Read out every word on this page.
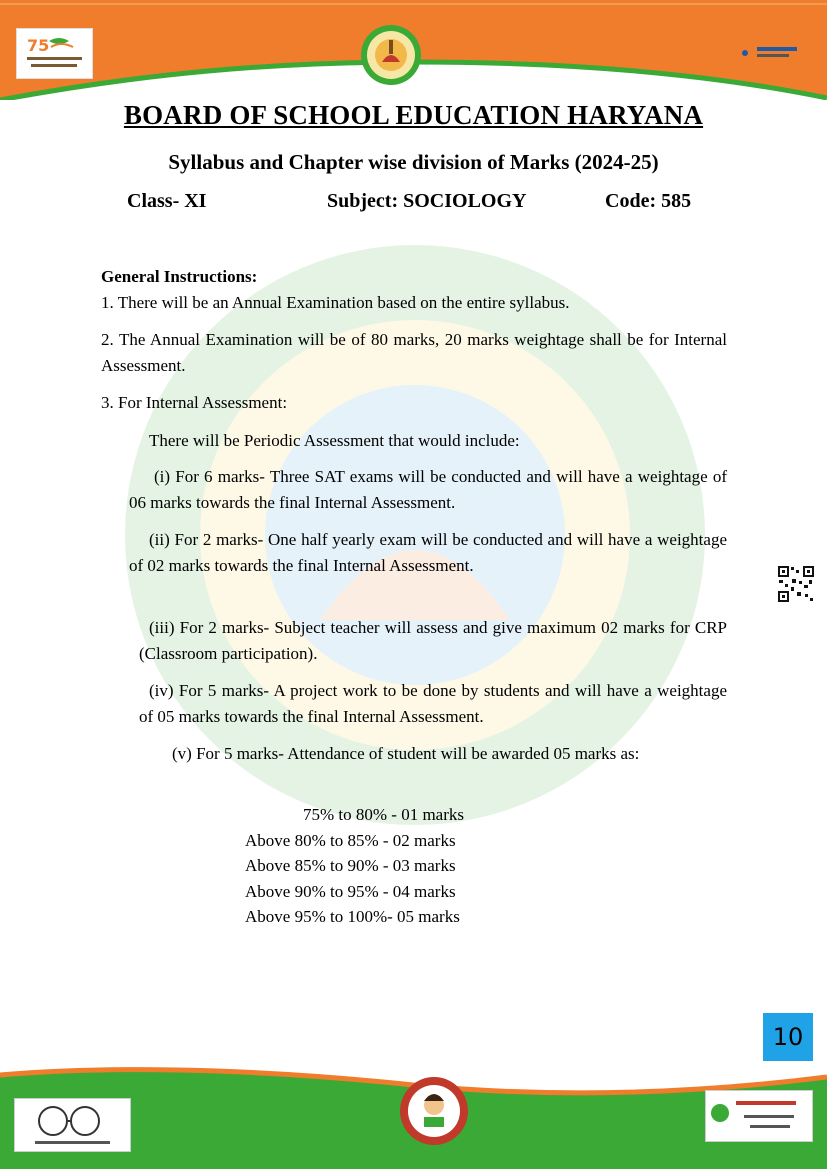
75
BOARD OF SCHOOL EDUCATION HARYANA
Syllabus and Chapter wise division of Marks (2024-25)
Class- XI	Subject: SOCIOLOGY	Code: 585
General Instructions:
1. There will be an Annual Examination based on the entire syllabus.
2. The Annual Examination will be of 80 marks, 20 marks weightage shall be for Internal Assessment.
3. For Internal Assessment:
There will be Periodic Assessment that would include:
(i) For 6 marks- Three SAT exams will be conducted and will have a weightage of 06 marks towards the final Internal Assessment.
(ii) For 2 marks- One half yearly exam will be conducted and will have a weightage of 02 marks towards the final Internal Assessment.
(iii) For 2 marks- Subject teacher will assess and give maximum 02 marks for CRP (Classroom participation).
(iv) For 5 marks- A project work to be done by students and will have a weightage of 05 marks towards the final Internal Assessment.
(v) For 5 marks- Attendance of student will be awarded 05 marks as:
75% to 80% - 01 marks
Above 80% to 85% - 02 marks
Above 85% to 90% - 03 marks
Above 90% to 95% - 04 marks
Above 95% to 100%- 05 marks
10
